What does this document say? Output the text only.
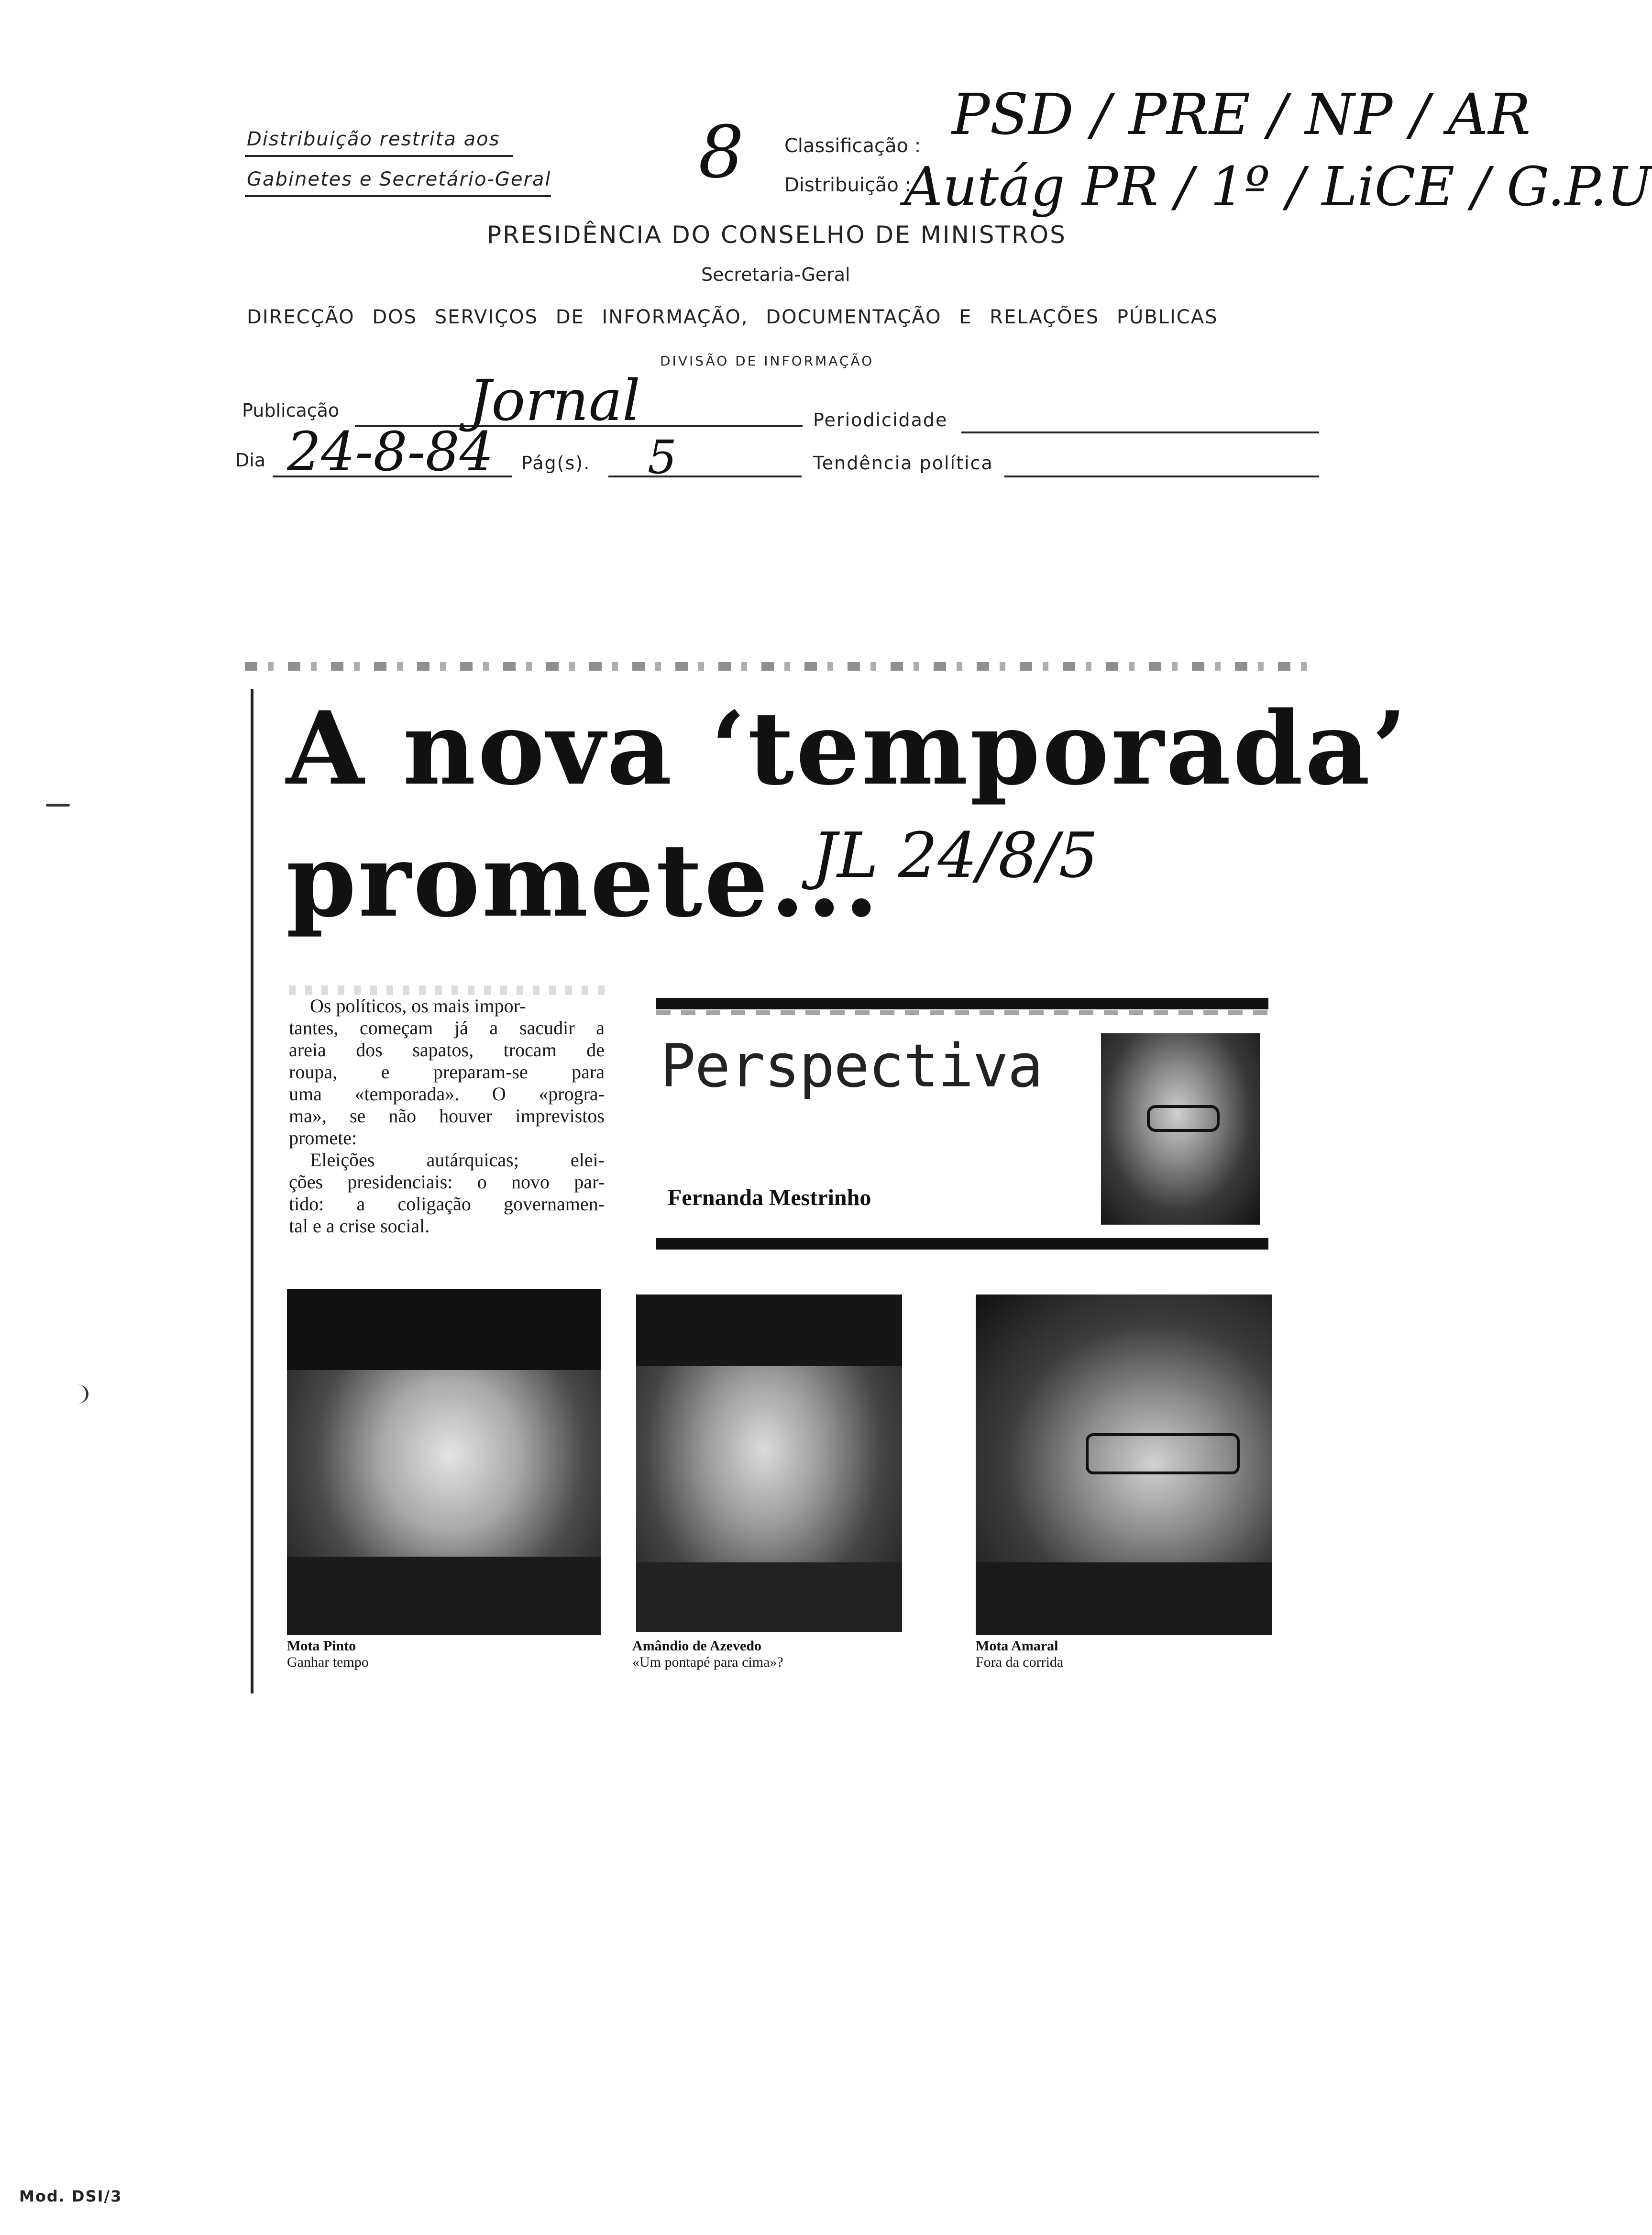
Distribuição restrita aos
Gabinetes e Secretário-Geral 8 Classificação : PSD / PRE / NP / AR
Distribuição :
Autág PR / 1º / LiCE / G.P.U
PRESIDÊNCIA DO CONSELHO DE MINISTROS
Secretaria-Geral
DIRECÇÃO DOS SERVIÇOS DE INFORMAÇÃO, DOCUMENTAÇÃO E RELAÇÕES PÚBLICAS
DIVISÃO DE INFORMAÇÃO
Publicação Jornal	Periodicidade
Dia 24-8-84 Pág(s). 5	Tendência política
A nova ‘temporada’
promete...
JL 24/8/5
Os políticos, os mais impor-
tantes, começam já a sacudir a
areia dos sapatos, trocam de
roupa, e preparam-se para
uma «temporada». O «progra-
ma», se não houver imprevistos
promete:
Eleições autárquicas; elei-
ções presidenciais: o novo par-
tido: a coligação governamen-
tal e a crise social.
Perspectiva
Fernanda Mestrinho
Mota Pinto
Ganhar tempo
Amândio de Azevedo
«Um pontapé para cima»?
Mota Amaral
Fora da corrida
Mod. DSI/3
